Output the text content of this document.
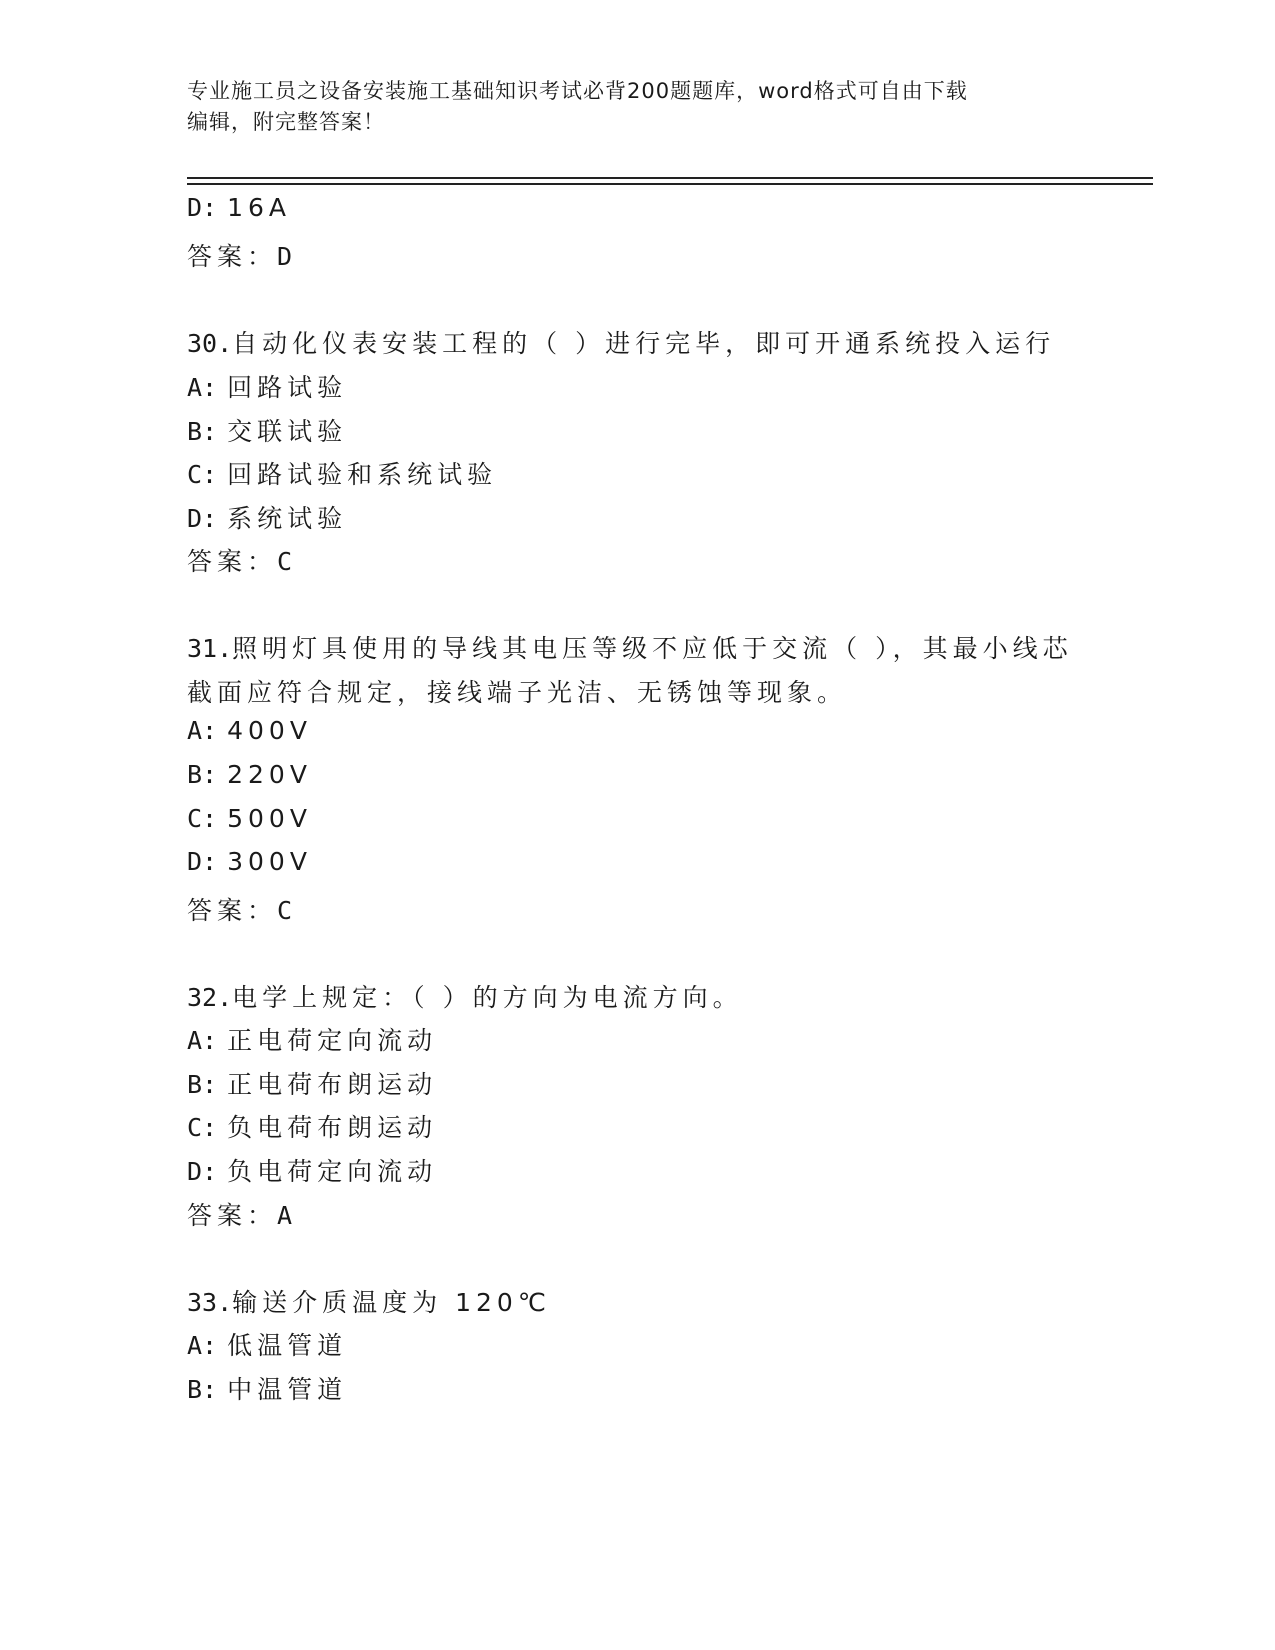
专业施工员之设备安装施工基础知识考试必背200题题库，word格式可自由下载
编辑，附完整答案！
D: 16A
答案：D
30.自动化仪表安装工程的（ ）进行完毕，即可开通系统投入运行
A: 回路试验
B: 交联试验
C: 回路试验和系统试验
D: 系统试验
答案：C
31.照明灯具使用的导线其电压等级不应低于交流（ ），其最小线芯
截面应符合规定，接线端子光洁、无锈蚀等现象。
A: 400V
B: 220V
C: 500V
D: 300V
答案：C
32.电学上规定：（ ）的方向为电流方向。
A: 正电荷定向流动
B: 正电荷布朗运动
C: 负电荷布朗运动
D: 负电荷定向流动
答案：A
33.输送介质温度为 120℃
A: 低温管道
B: 中温管道
